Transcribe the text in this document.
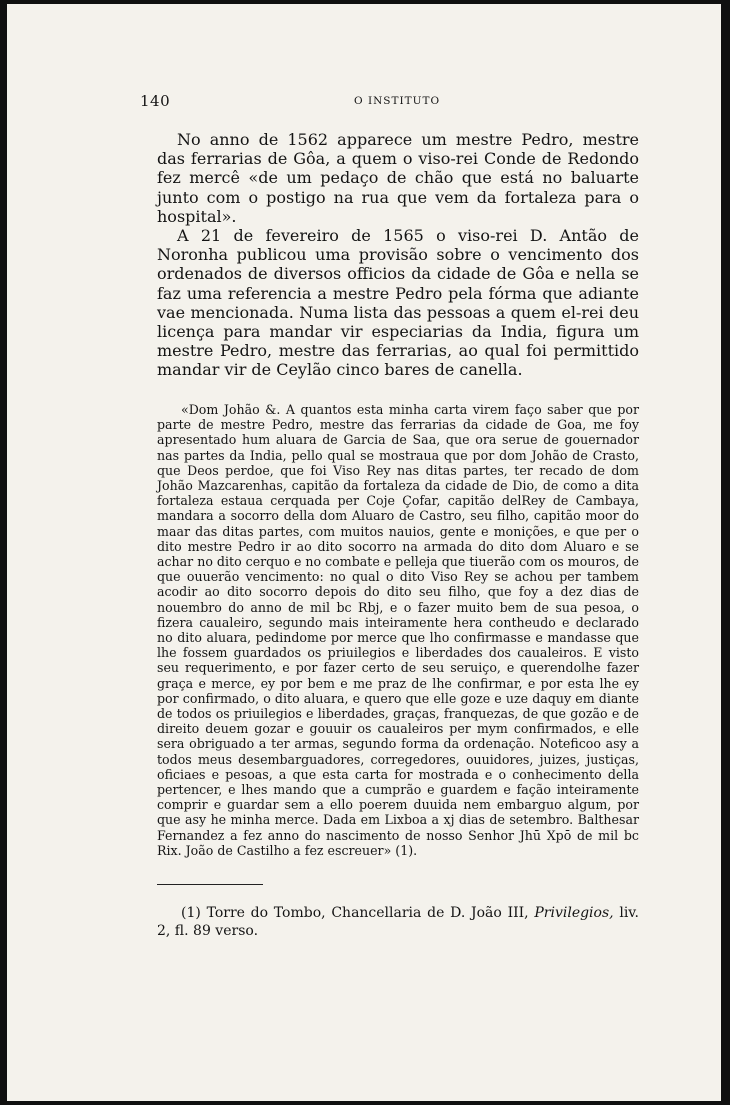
140	O INSTITUTO

No anno de 1562 apparece um mestre Pedro, mestre das ferrarias de Gôa, a quem o viso-rei Conde de Redondo fez mercê «de um pedaço de chão que está no baluarte junto com o postigo na rua que vem da fortaleza para o hospital».

A 21 de fevereiro de 1565 o viso-rei D. Antão de Noronha publicou uma provisão sobre o vencimento dos ordenados de diversos officios da cidade de Gôa e nella se faz uma referencia a mestre Pedro pela fórma que adiante vae mencionada. Numa lista das pessoas a quem el-rei deu licença para mandar vir especiarias da India, figura um mestre Pedro, mestre das ferrarias, ao qual foi permittido mandar vir de Ceylão cinco bares de canella.

«Dom Johão &. A quantos esta minha carta virem faço saber que por parte de mestre Pedro, mestre das ferrarias da cidade de Goa, me foy apresentado hum aluara de Garcia de Saa, que ora serue de gouernador nas partes da India, pello qual se mostraua que por dom Johão de Crasto, que Deos perdoe, que foi Viso Rey nas ditas partes, ter recado de dom Johão Mazcarenhas, capitão da fortaleza da cidade de Dio, de como a dita fortaleza estaua cerquada per Coje Çofar, capitão delRey de Cambaya, mandara a socorro della dom Aluaro de Castro, seu filho, capitão moor do maar das ditas partes, com muitos nauios, gente e monições, e que per o dito mestre Pedro ir ao dito socorro na armada do dito dom Aluaro e se achar no dito cerquo e no combate e pelleja que tiuerão com os mouros, de que ouuerão vencimento: no qual o dito Viso Rey se achou per tambem acodir ao dito socorro depois do dito seu filho, que foy a dez dias de nouembro do anno de mil bc Rbj, e o fazer muito bem de sua pesoa, o fizera caualeiro, segundo mais inteiramente hera contheudo e declarado no dito aluara, pedindome por merce que lho confirmasse e mandasse que lhe fossem guardados os priuilegios e liberdades dos caualeiros. E visto seu requerimento, e por fazer certo de seu seruiço, e querendolhe fazer graça e merce, ey por bem e me praz de lhe confirmar, e por esta lhe ey por confirmado, o dito aluara, e quero que elle goze e uze daquy em diante de todos os priuilegios e liberdades, graças, franquezas, de que gozão e de direito deuem gozar e gouuir os caualeiros per mym confirmados, e elle sera obriguado a ter armas, segundo forma da ordenação. Noteficoo asy a todos meus desembarguadores, corregedores, ouuidores, juizes, justiças, oficiaes e pesoas, a que esta carta for mostrada e o conhecimento della pertencer, e lhes mando que a cumprão e guardem e fação inteiramente comprir e guardar sem a ello poerem duuida nem embarguo algum, por que asy he minha merce. Dada em Lixboa a xj dias de setembro. Balthesar Fernandez a fez anno do nascimento de nosso Senhor Jhū Xpō de mil bc Rix. João de Castilho a fez escreuer» (1).

(1) Torre do Tombo, Chancellaria de D. João III, Privilegios, liv. 2, fl. 89 verso.
